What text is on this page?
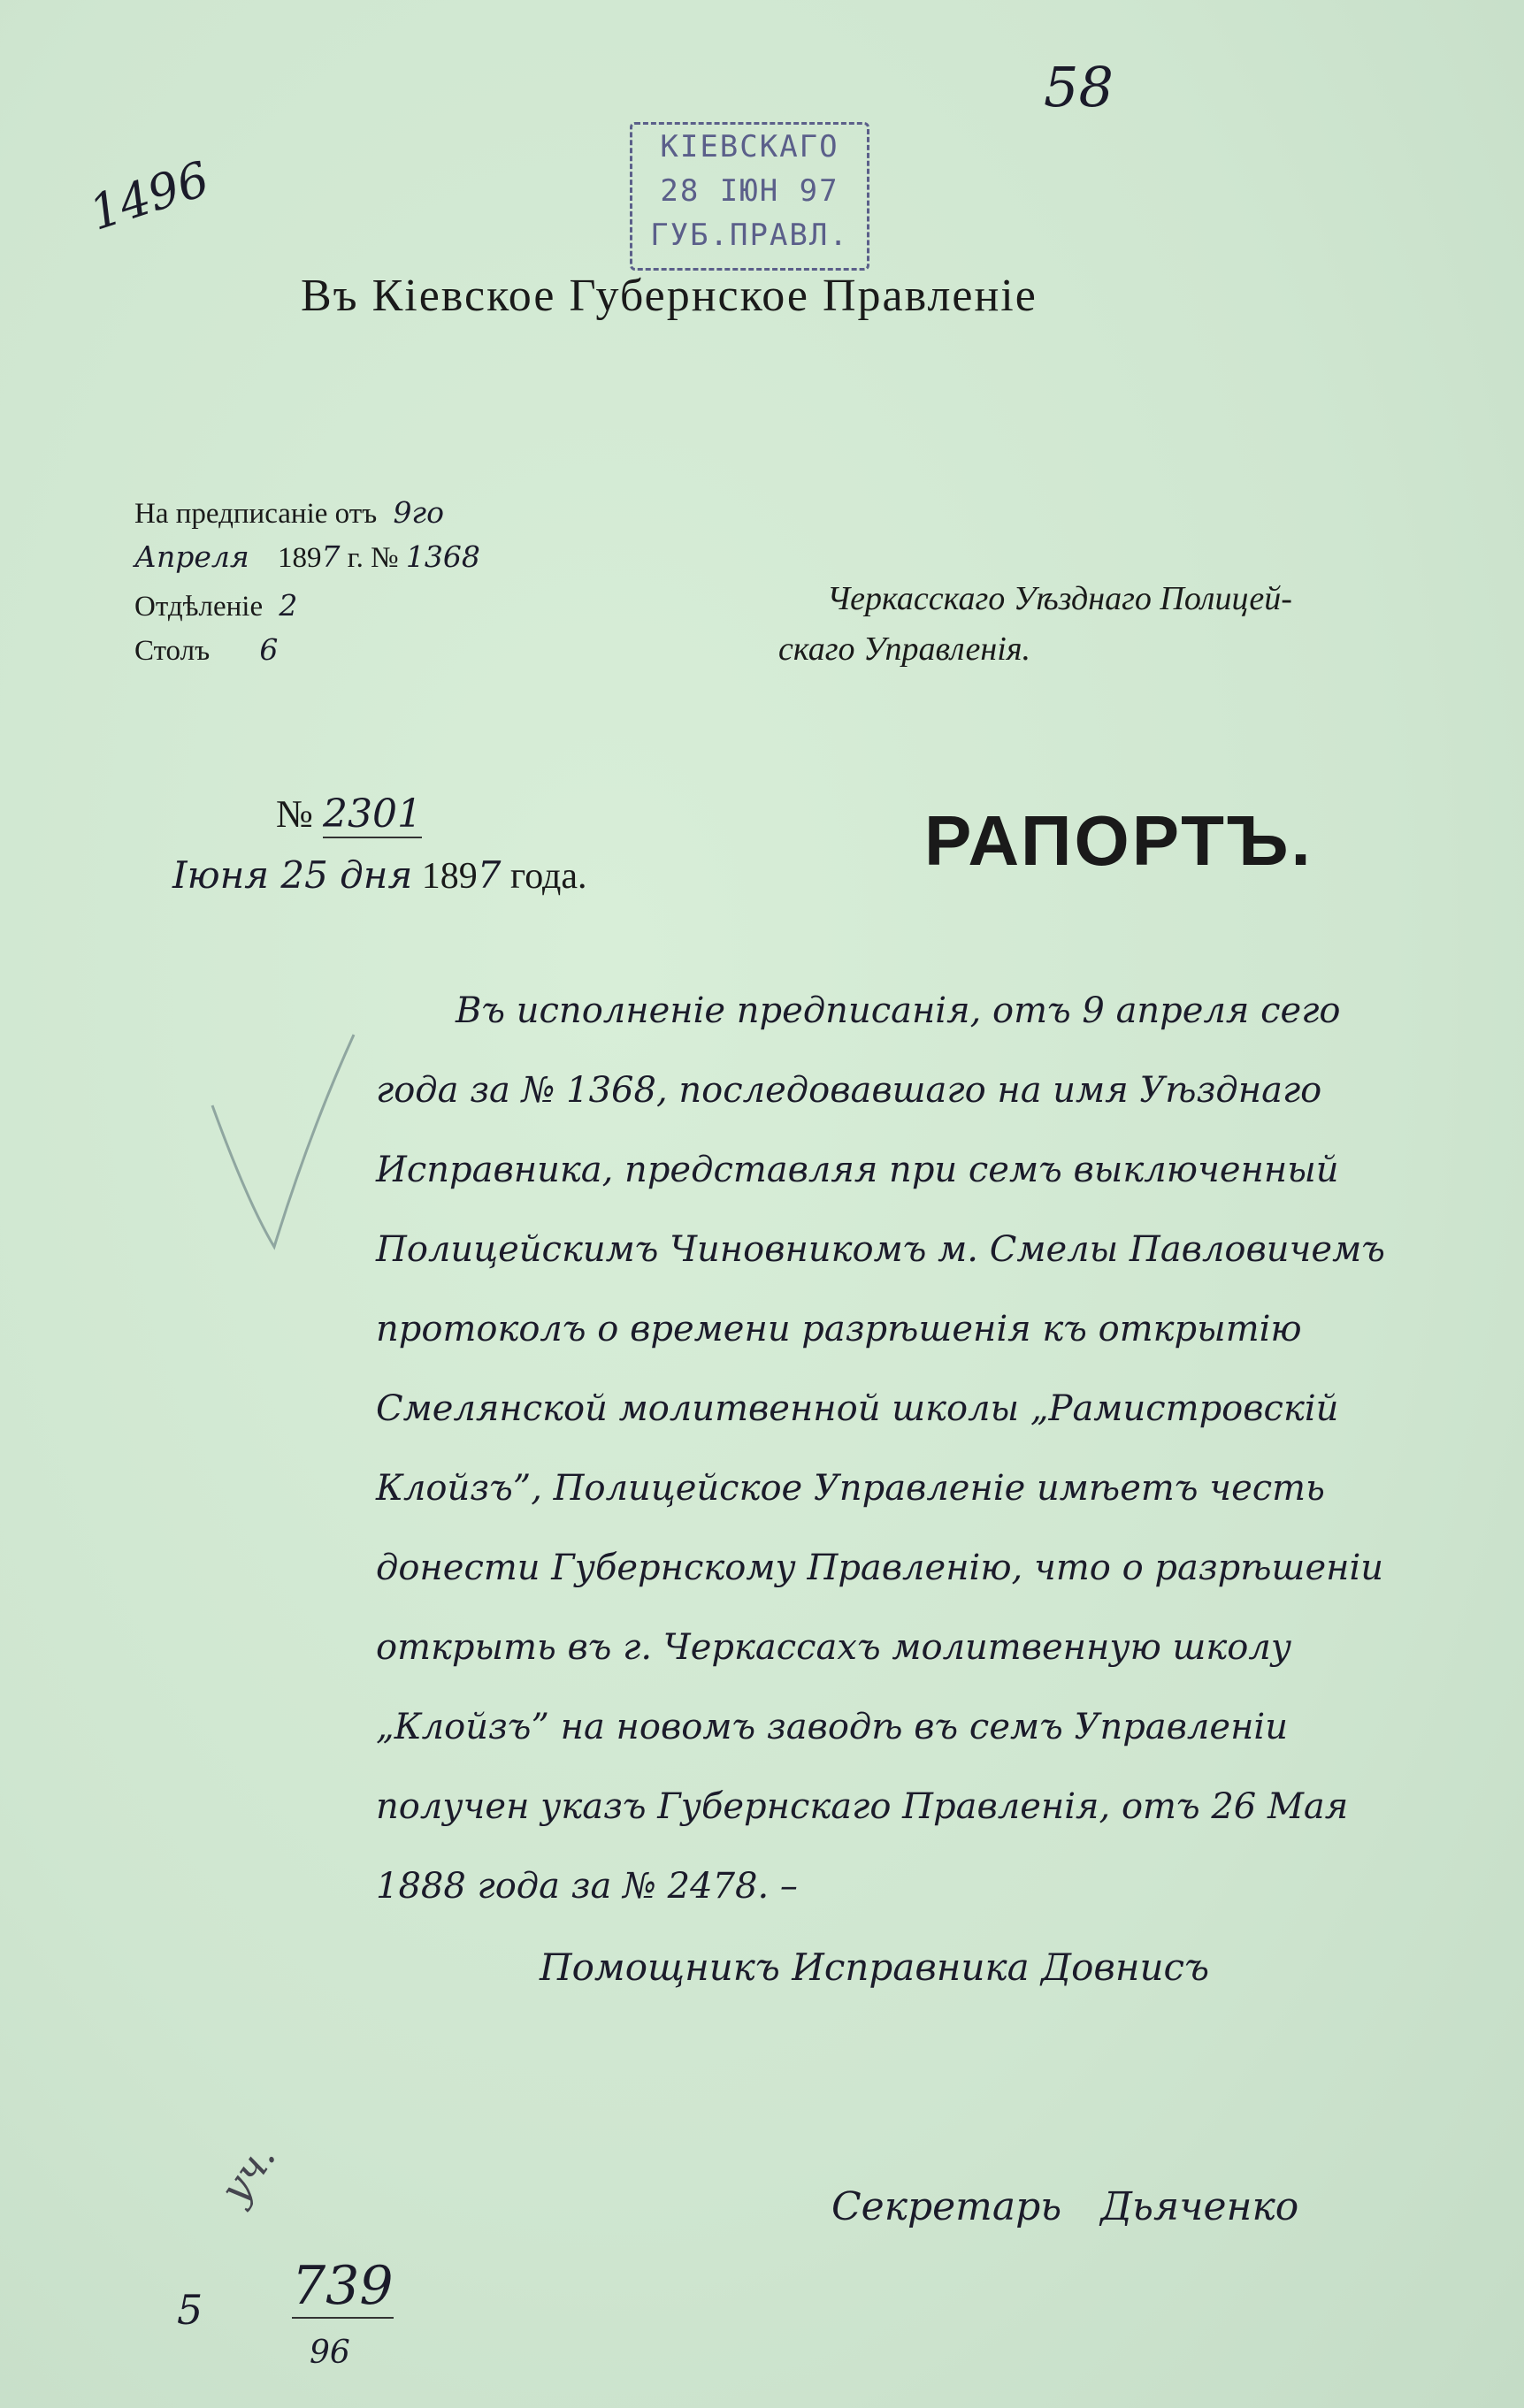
58
1496
КIЕВСКАГО
28 IЮН 97
ГУБ.ПРАВЛ.
Въ Кiевское Губернское Правленiе
На предписанiе отъ 9го
Апреля 1897 г. № 1368
Отдѣленiе 2
Столъ 6
Черкасскаго Уѣзднаго Полицей-
скаго Управленiя.
№ 2301
Iюня 25 дня 1897 года.	РАПОРТЪ.
Въ исполненiе предписанiя, отъ 9 апреля сего
года за № 1368, последовавшаго на имя Уѣзднаго
Исправника, представляя при семъ выключенный
Полицейскимъ Чиновникомъ м. Смелы Павловичемъ
протоколъ о времени разрѣшенiя къ открытiю
Смелянской молитвенной школы „Рамистровскiй
Клойзъ”, Полицейское Управленiе имѣетъ честь
донести Губернскому Правленiю, что о разрѣшенiи
открыть въ г. Черкассахъ молитвенную школу
„Клойзъ” на новомъ заводѣ въ семъ Управленiи
получен указъ Губернскаго Правленiя, отъ 26 Мая
1888 года за № 2478. –
Помощникъ Исправника Довнисъ
уч.	Секретарь Дьяченко
5 739
96
